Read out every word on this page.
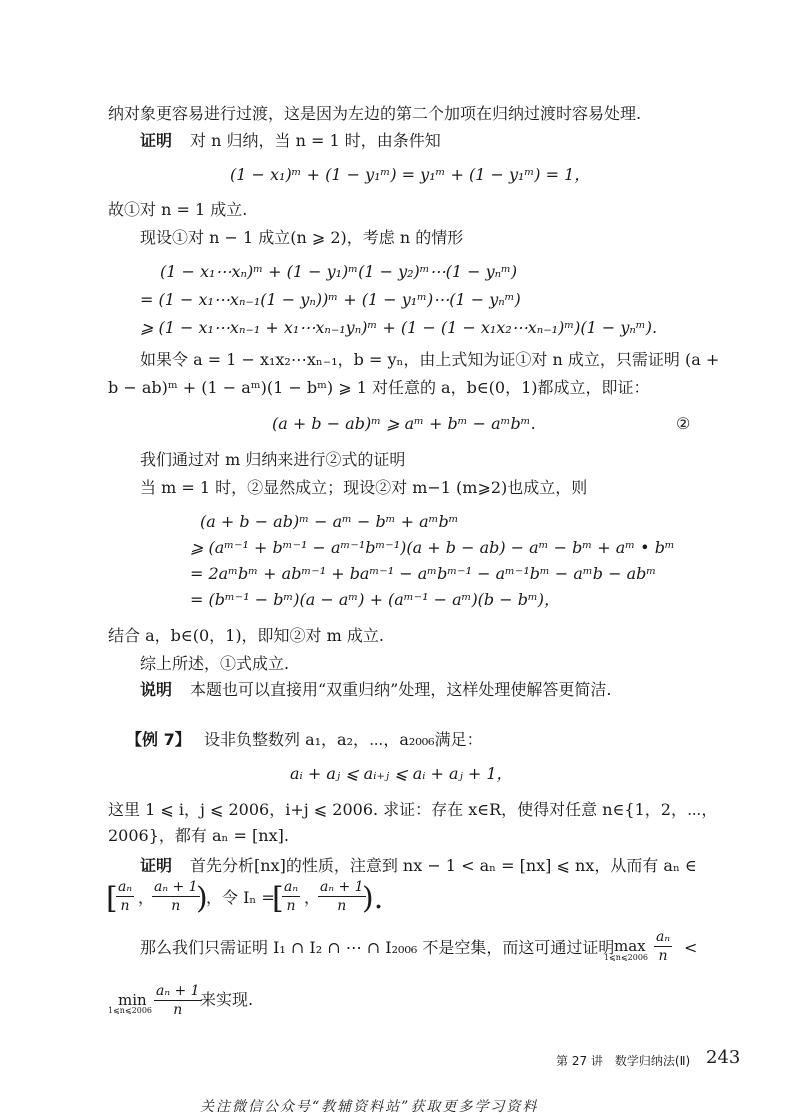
纳对象更容易进行过渡，这是因为左边的第二个加项在归纳过渡时容易处理.
证明 对 n 归纳，当 n = 1 时，由条件知
(1 − x₁)ᵐ + (1 − y₁ᵐ) = y₁ᵐ + (1 − y₁ᵐ) = 1，
故①对 n = 1 成立.
现设①对 n − 1 成立(n ⩾ 2)，考虑 n 的情形
(1 − x₁⋯xₙ)ᵐ + (1 − y₁)ᵐ(1 − y₂)ᵐ⋯(1 − yₙᵐ)
= (1 − x₁⋯xₙ₋₁(1 − yₙ))ᵐ + (1 − y₁ᵐ)⋯(1 − yₙᵐ)
⩾ (1 − x₁⋯xₙ₋₁ + x₁⋯xₙ₋₁yₙ)ᵐ + (1 − (1 − x₁x₂⋯xₙ₋₁)ᵐ)(1 − yₙᵐ).
如果令 a = 1 − x₁x₂⋯xₙ₋₁，b = yₙ，由上式知为证①对 n 成立，只需证明 (a +
b − ab)ᵐ + (1 − aᵐ)(1 − bᵐ) ⩾ 1 对任意的 a，b∈(0，1)都成立，即证：
(a + b − ab)ᵐ ⩾ aᵐ + bᵐ − aᵐbᵐ.	②
我们通过对 m 归纳来进行②式的证明
当 m = 1 时，②显然成立；现设②对 m−1 (m⩾2)也成立，则
(a + b − ab)ᵐ − aᵐ − bᵐ + aᵐbᵐ
⩾ (aᵐ⁻¹ + bᵐ⁻¹ − aᵐ⁻¹bᵐ⁻¹)(a + b − ab) − aᵐ − bᵐ + aᵐ • bᵐ
= 2aᵐbᵐ + abᵐ⁻¹ + baᵐ⁻¹ − aᵐbᵐ⁻¹ − aᵐ⁻¹bᵐ − aᵐb − abᵐ
= (bᵐ⁻¹ − bᵐ)(a − aᵐ) + (aᵐ⁻¹ − aᵐ)(b − bᵐ)，
结合 a，b∈(0，1)，即知②对 m 成立.
综上所述，①式成立.
说明 本题也可以直接用“双重归纳”处理，这样处理使解答更简洁.
【例 7】 设非负整数列 a₁，a₂，⋯，a₂₀₀₆满足：
aᵢ + aⱼ ⩽ aᵢ₊ⱼ ⩽ aᵢ + aⱼ + 1，
这里 1 ⩽ i，j ⩽ 2006，i+j ⩽ 2006. 求证：存在 x∈R，使得对任意 n∈{1，2，⋯，
2006}，都有 aₙ = [nx].
证明 首先分析[nx]的性质，注意到 nx − 1 < aₙ = [nx] ⩽ nx，从而有 aₙ ∈
[
$\frac{\text{aₙ}}{n}$ ，
$\frac{\text{aₙ + 1}}{n}$
)
，令 Iₙ =
[
$\frac{\text{aₙ}}{n}$ ，
$\frac{\text{aₙ + 1}}{n}$
).
那么我们只需证明 I₁ ∩ I₂ ∩ ⋯ ∩ I₂₀₀₆ 不是空集，而这可通过证明 max
1⩽n⩽2006 $\frac{\text{aₙ}}{n}$ <
min
1⩽n⩽2006 $\frac{\text{aₙ + 1}}{n}$
来实现.
第 27 讲　数学归纳法(Ⅱ) 243
关注微信公众号“教辅资料站”获取更多学习资料
